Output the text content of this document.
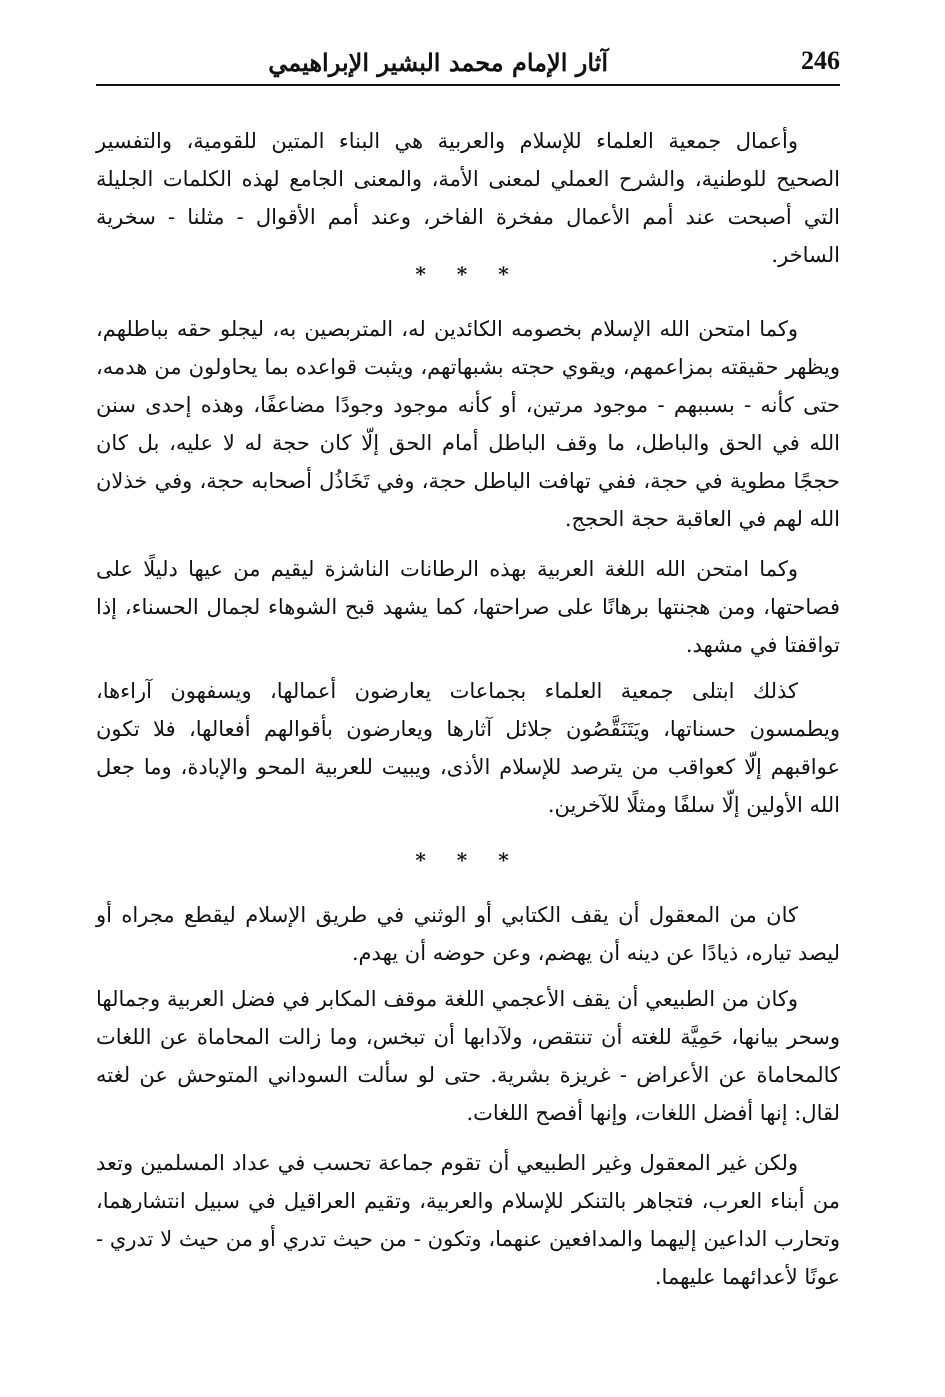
246
آثار الإمام محمد البشير الإبراهيمي

وأعمال جمعية العلماء للإسلام والعربية هي البناء المتين للقومية، والتفسير الصحيح للوطنية، والشرح العملي لمعنى الأمة، والمعنى الجامع لهذه الكلمات الجليلة التي أصبحت عند أمم الأعمال مفخرة الفاخر، وعند أمم الأقوال - مثلنا - سخرية الساخر.

* * *

وكما امتحن الله الإسلام بخصومه الكائدين له، المتربصين به، ليجلو حقه بباطلهم، ويظهر حقيقته بمزاعمهم، ويقوي حجته بشبهاتهم، ويثبت قواعده بما يحاولون من هدمه، حتى كأنه - بسببهم - موجود مرتين، أو كأنه موجود وجودًا مضاعفًا، وهذه إحدى سنن الله في الحق والباطل، ما وقف الباطل أمام الحق إلّا كان حجة له لا عليه، بل كان حججًا مطوية في حجة، ففي تهافت الباطل حجة، وفي تَخَاذُل أصحابه حجة، وفي خذلان الله لهم في العاقبة حجة الحجج.

وكما امتحن الله اللغة العربية بهذه الرطانات الناشزة ليقيم من عيها دليلًا على فصاحتها، ومن هجنتها برهانًا على صراحتها، كما يشهد قبح الشوهاء لجمال الحسناء، إذا تواقفتا في مشهد.

كذلك ابتلى جمعية العلماء بجماعات يعارضون أعمالها، ويسفهون آراءها، ويطمسون حسناتها، ويَتَنَقَّصُون جلائل آثارها ويعارضون بأقوالهم أفعالها، فلا تكون عواقبهم إلّا كعواقب من يترصد للإسلام الأذى، ويبيت للعربية المحو والإبادة، وما جعل الله الأولين إلّا سلفًا ومثلًا للآخرين.

* * *

كان من المعقول أن يقف الكتابي أو الوثني في طريق الإسلام ليقطع مجراه أو ليصد تياره، ذيادًا عن دينه أن يهضم، وعن حوضه أن يهدم.

وكان من الطبيعي أن يقف الأعجمي اللغة موقف المكابر في فضل العربية وجمالها وسحر بيانها، حَمِيَّة للغته أن تنتقص، ولآدابها أن تبخس، وما زالت المحاماة عن اللغات كالمحاماة عن الأعراض - غريزة بشرية. حتى لو سألت السوداني المتوحش عن لغته لقال: إنها أفضل اللغات، وإنها أفصح اللغات.

ولكن غير المعقول وغير الطبيعي أن تقوم جماعة تحسب في عداد المسلمين وتعد من أبناء العرب، فتجاهر بالتنكر للإسلام والعربية، وتقيم العراقيل في سبيل انتشارهما، وتحارب الداعين إليهما والمدافعين عنهما، وتكون - من حيث تدري أو من حيث لا تدري - عونًا لأعدائهما عليهما.
